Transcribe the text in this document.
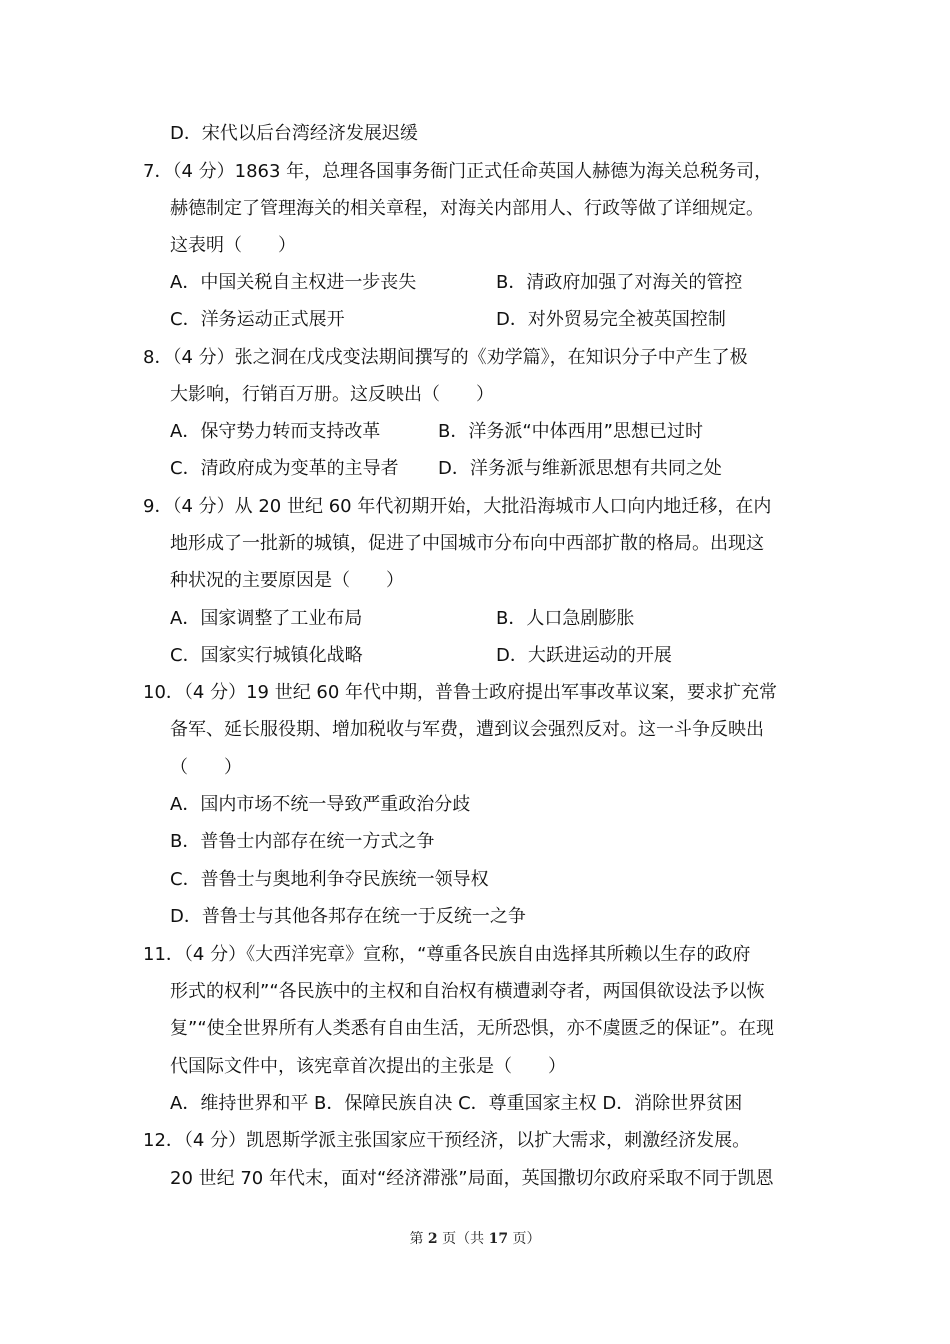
D．宋代以后台湾经济发展迟缓
7．（4 分）1863 年，总理各国事务衙门正式任命英国人赫德为海关总税务司，
赫德制定了管理海关的相关章程，对海关内部用人、行政等做了详细规定。
这表明（　　）
A．中国关税自主权进一步丧失	B．清政府加强了对海关的管控
C．洋务运动正式展开	D．对外贸易完全被英国控制
8．（4 分）张之洞在戊戌变法期间撰写的《劝学篇》，在知识分子中产生了极
大影响，行销百万册。这反映出（　　）
A．保守势力转而支持改革	B．洋务派“中体西用”思想已过时
C．清政府成为变革的主导者 D．洋务派与维新派思想有共同之处
9．（4 分）从 20 世纪 60 年代初期开始，大批沿海城市人口向内地迁移，在内
地形成了一批新的城镇，促进了中国城市分布向中西部扩散的格局。出现这
种状况的主要原因是（　　）
A．国家调整了工业布局	B．人口急剧膨胀
C．国家实行城镇化战略	D．大跃进运动的开展
10．（4 分）19 世纪 60 年代中期，普鲁士政府提出军事改革议案，要求扩充常
备军、延长服役期、增加税收与军费，遭到议会强烈反对。这一斗争反映出
（　　）
A．国内市场不统一导致严重政治分歧
B．普鲁士内部存在统一方式之争
C．普鲁士与奥地利争夺民族统一领导权
D．普鲁士与其他各邦存在统一于反统一之争
11．（4 分）《大西洋宪章》宣称，“尊重各民族自由选择其所赖以生存的政府
形式的权利”“各民族中的主权和自治权有横遭剥夺者，两国俱欲设法予以恢
复”“使全世界所有人类悉有自由生活，无所恐惧，亦不虞匮乏的保证”。在现
代国际文件中，该宪章首次提出的主张是（　　）
A．维持世界和平 B．保障民族自决 C．尊重国家主权 D．消除世界贫困
12．（4 分）凯恩斯学派主张国家应干预经济，以扩大需求，刺激经济发展。
20 世纪 70 年代末，面对“经济滞涨”局面，英国撒切尔政府采取不同于凯恩
第 2 页（共 17 页）
